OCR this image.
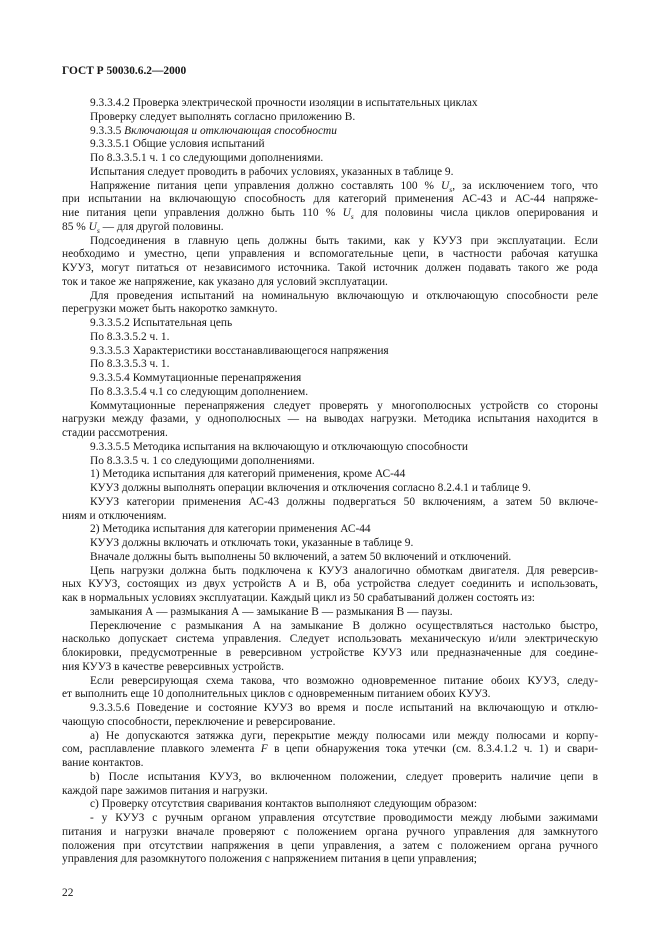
ГОСТ Р 50030.6.2—2000
9.3.3.4.2 Проверка электрической прочности изоляции в испытательных циклах
Проверку следует выполнять согласно приложению В.
9.3.3.5 Включающая и отключающая способности
9.3.3.5.1 Общие условия испытаний
По 8.3.3.5.1 ч. 1 со следующими дополнениями.
Испытания следует проводить в рабочих условиях, указанных в таблице 9.
Напряжение питания цепи управления должно составлять 100 % $U_s$, за исключением того, что
при испытании на включающую способность для категорий применения АС-43 и АС-44 напряже-
ние питания цепи управления должно быть 110 % $U_s$ для половины числа циклов оперирования и
85 % $U_s$ — для другой половины.
Подсоединения в главную цепь должны быть такими, как у КУУЗ при эксплуатации. Если
необходимо и уместно, цепи управления и вспомогательные цепи, в частности рабочая катушка
КУУЗ, могут питаться от независимого источника. Такой источник должен подавать такого же рода
ток и такое же напряжение, как указано для условий эксплуатации.
Для проведения испытаний на номинальную включающую и отключающую способности реле
перегрузки может быть накоротко замкнуто.
9.3.3.5.2 Испытательная цепь
По 8.3.3.5.2 ч. 1.
9.3.3.5.3 Характеристики восстанавливающегося напряжения
По 8.3.3.5.3 ч. 1.
9.3.3.5.4 Коммутационные перенапряжения
По 8.3.3.5.4 ч.1 со следующим дополнением.
Коммутационные перенапряжения следует проверять у многополюсных устройств со стороны
нагрузки между фазами, у однополюсных — на выводах нагрузки. Методика испытания находится в
стадии рассмотрения.
9.3.3.5.5 Методика испытания на включающую и отключающую способности
По 8.3.3.5 ч. 1 со следующими дополнениями.
1) Методика испытания для категорий применения, кроме АС-44
КУУЗ должны выполнять операции включения и отключения согласно 8.2.4.1 и таблице 9.
КУУЗ категории применения АС-43 должны подвергаться 50 включениям, а затем 50 включе-
ниям и отключениям.
2) Методика испытания для категории применения АС-44
КУУЗ должны включать и отключать токи, указанные в таблице 9.
Вначале должны быть выполнены 50 включений, а затем 50 включений и отключений.
Цепь нагрузки должна быть подключена к КУУЗ аналогично обмоткам двигателя. Для реверсив-
ных КУУЗ, состоящих из двух устройств А и В, оба устройства следует соединить и использовать,
как в нормальных условиях эксплуатации. Каждый цикл из 50 срабатываний должен состоять из:
замыкания А — размыкания А — замыкание В — размыкания В — паузы.
Переключение с размыкания А на замыкание В должно осуществляться настолько быстро,
насколько допускает система управления. Следует использовать механическую и/или электрическую
блокировки, предусмотренные в реверсивном устройстве КУУЗ или предназначенные для соедине-
ния КУУЗ в качестве реверсивных устройств.
Если реверсирующая схема такова, что возможно одновременное питание обоих КУУЗ, следу-
ет выполнить еще 10 дополнительных циклов с одновременным питанием обоих КУУЗ.
9.3.3.5.6 Поведение и состояние КУУЗ во время и после испытаний на включающую и отклю-
чающую способности, переключение и реверсирование.
a) Не допускаются затяжка дуги, перекрытие между полюсами или между полюсами и корпу-
сом, расплавление плавкого элемента F в цепи обнаружения тока утечки (см. 8.3.4.1.2 ч. 1) и свари-
вание контактов.
b) После испытания КУУЗ, во включенном положении, следует проверить наличие цепи в
каждой паре зажимов питания и нагрузки.
c) Проверку отсутствия сваривания контактов выполняют следующим образом:
- у КУУЗ с ручным органом управления отсутствие проводимости между любыми зажимами
питания и нагрузки вначале проверяют с положением органа ручного управления для замкнутого
положения при отсутствии напряжения в цепи управления, а затем с положением органа ручного
управления для разомкнутого положения с напряжением питания в цепи управления;
22
